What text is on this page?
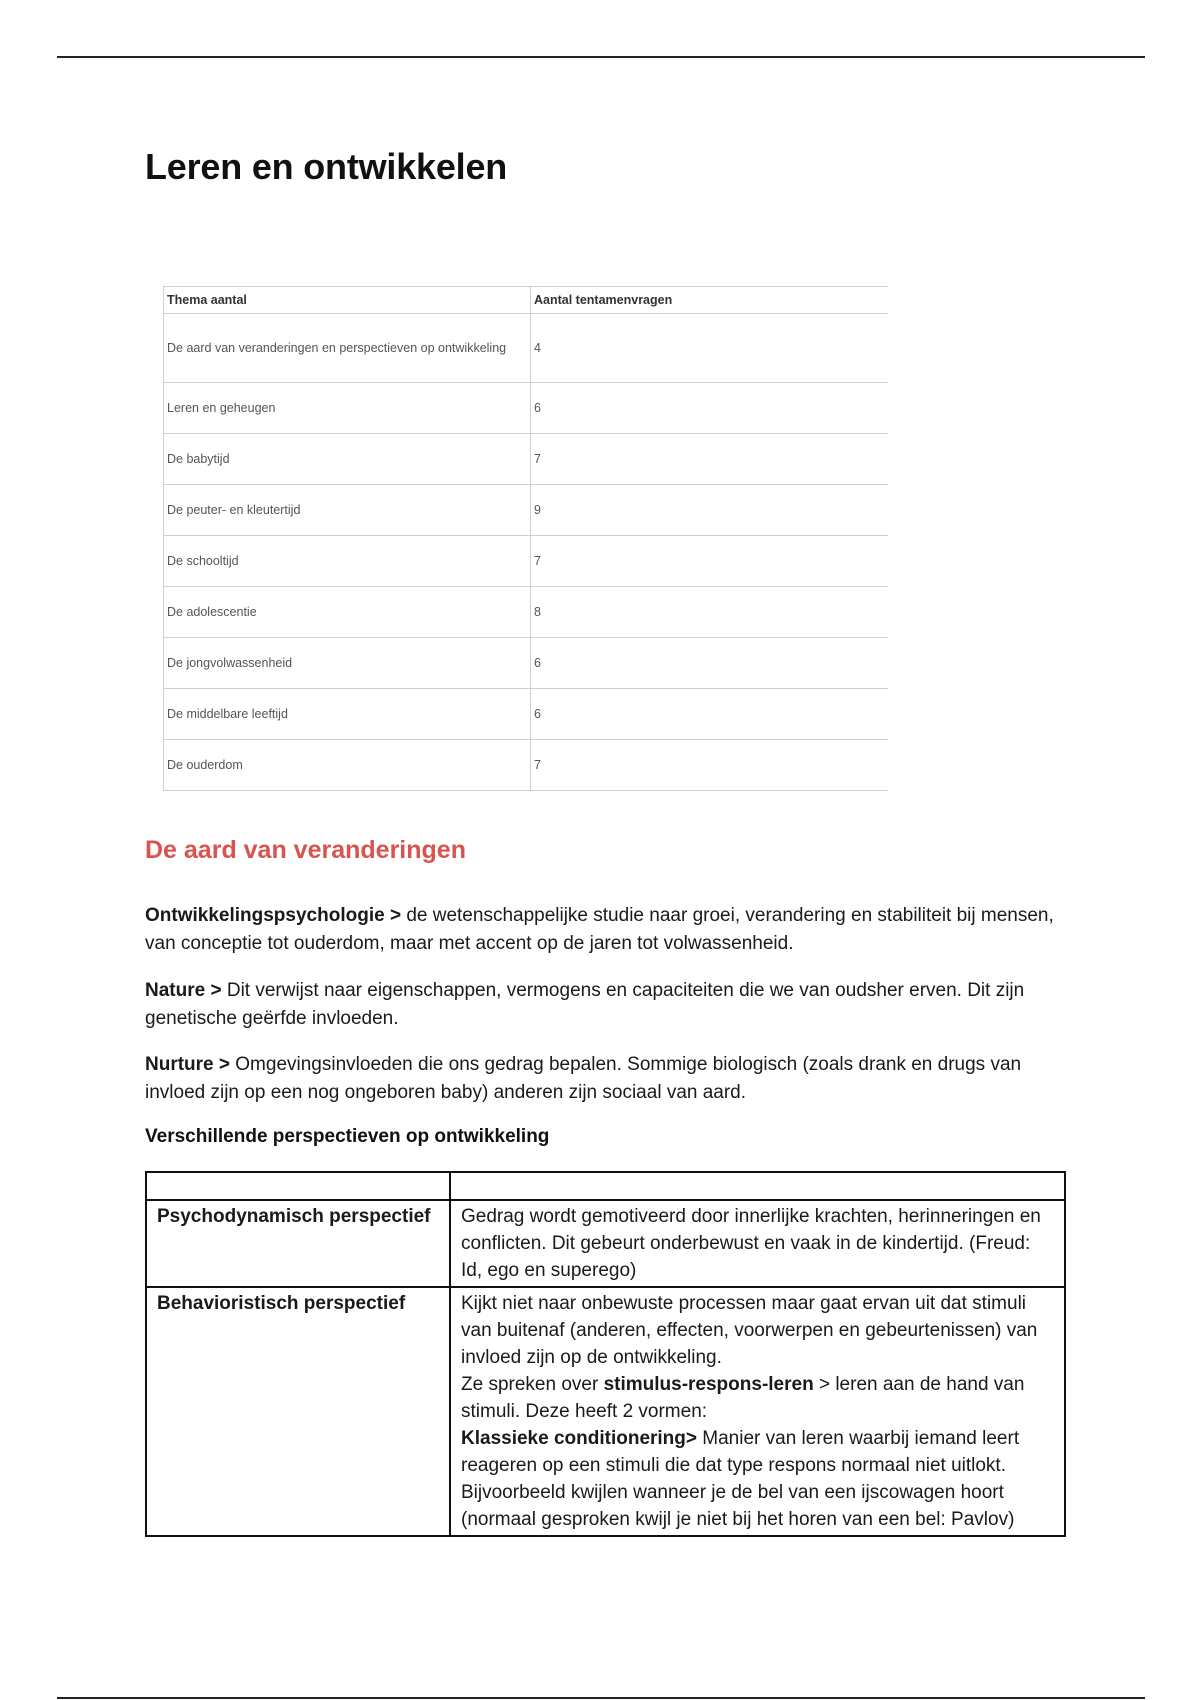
Leren en ontwikkelen
Thema aantal	Aantal tentamenvragen
De aard van veranderingen en perspectieven op ontwikkeling	4
Leren en geheugen	6
De babytijd	7
De peuter- en kleutertijd	9
De schooltijd	7
De adolescentie	8
De jongvolwassenheid	6
De middelbare leeftijd	6
De ouderdom	7
De aard van veranderingen

Ontwikkelingspsychologie > de wetenschappelijke studie naar groei, verandering en stabiliteit bij mensen, van conceptie tot ouderdom, maar met accent op de jaren tot volwassenheid.

Nature > Dit verwijst naar eigenschappen, vermogens en capaciteiten die we van oudsher erven. Dit zijn genetische geërfde invloeden.

Nurture > Omgevingsinvloeden die ons gedrag bepalen. Sommige biologisch (zoals drank en drugs van invloed zijn op een nog ongeboren baby) anderen zijn sociaal van aard.

Verschillende perspectieven op ontwikkeling

Psychodynamisch perspectief	Gedrag wordt gemotiveerd door innerlijke krachten, herinneringen en conflicten. Dit gebeurt onderbewust en vaak in de kindertijd. (Freud: Id, ego en superego)
Behavioristisch perspectief	Kijkt niet naar onbewuste processen maar gaat ervan uit dat stimuli van buitenaf (anderen, effecten, voorwerpen en gebeurtenissen) van invloed zijn op de ontwikkeling.
Ze spreken over stimulus-respons-leren > leren aan de hand van stimuli. Deze heeft 2 vormen:
Klassieke conditionering> Manier van leren waarbij iemand leert reageren op een stimuli die dat type respons normaal niet uitlokt. Bijvoorbeeld kwijlen wanneer je de bel van een ijscowagen hoort (normaal gesproken kwijl je niet bij het horen van een bel: Pavlov)
